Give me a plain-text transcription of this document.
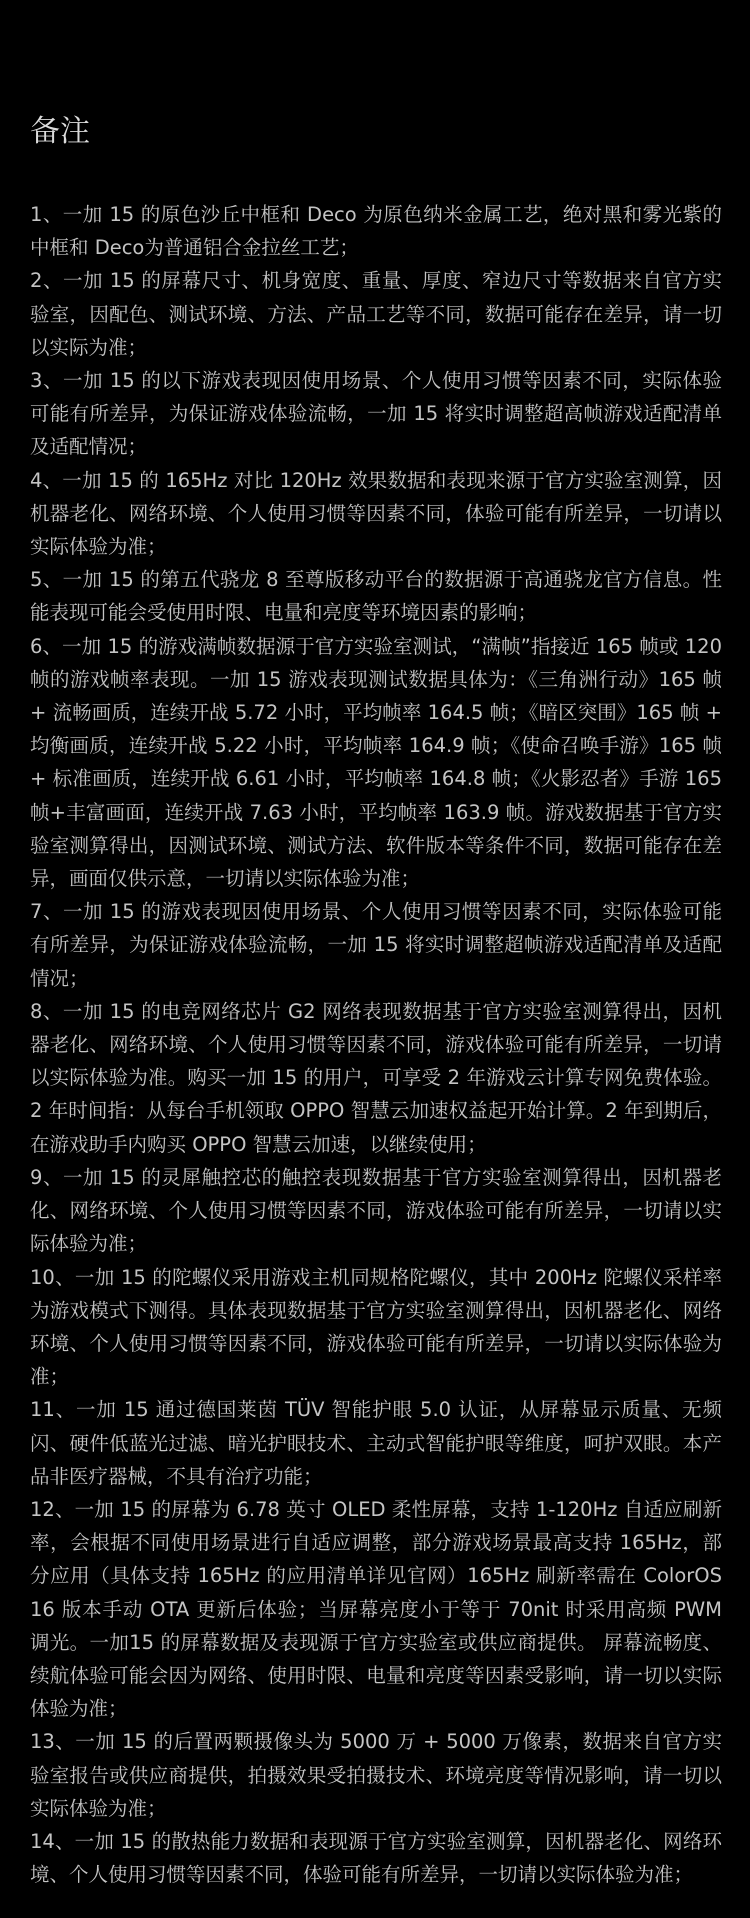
备注
1、一加 15 的原色沙丘中框和 Deco 为原色纳米金属工艺，绝对黑和雾光紫的中框和 Deco为普通铝合金拉丝工艺；
2、一加 15 的屏幕尺寸、机身宽度、重量、厚度、窄边尺寸等数据来自官方实验室，因配色、测试环境、方法、产品工艺等不同，数据可能存在差异，请一切以实际为准；
3、一加 15 的以下游戏表现因使用场景、个人使用习惯等因素不同，实际体验可能有所差异，为保证游戏体验流畅，一加 15 将实时调整超高帧游戏适配清单及适配情况；
4、一加 15 的 165Hz 对比 120Hz 效果数据和表现来源于官方实验室测算，因机器老化、网络环境、个人使用习惯等因素不同，体验可能有所差异，一切请以实际体验为准；
5、一加 15 的第五代骁龙 8 至尊版移动平台的数据源于高通骁龙官方信息。性能表现可能会受使用时限、电量和亮度等环境因素的影响；
6、一加 15 的游戏满帧数据源于官方实验室测试，“满帧”指接近 165 帧或 120 帧的游戏帧率表现。一加 15 游戏表现测试数据具体为：《三角洲行动》165 帧 + 流畅画质，连续开战 5.72 小时，平均帧率 164.5 帧；《暗区突围》165 帧 + 均衡画质，连续开战 5.22 小时，平均帧率 164.9 帧；《使命召唤手游》165 帧 + 标准画质，连续开战 6.61 小时，平均帧率 164.8 帧；《火影忍者》手游 165 帧+丰富画面，连续开战 7.63 小时，平均帧率 163.9 帧。游戏数据基于官方实验室测算得出，因测试环境、测试方法、软件版本等条件不同，数据可能存在差异，画面仅供示意，一切请以实际体验为准；
7、一加 15 的游戏表现因使用场景、个人使用习惯等因素不同，实际体验可能有所差异，为保证游戏体验流畅，一加 15 将实时调整超帧游戏适配清单及适配情况；
8、一加 15 的电竞网络芯片 G2 网络表现数据基于官方实验室测算得出，因机器老化、网络环境、个人使用习惯等因素不同，游戏体验可能有所差异，一切请以实际体验为准。购买一加 15 的用户，可享受 2 年游戏云计算专网免费体验。2 年时间指：从每台手机领取 OPPO 智慧云加速权益起开始计算。2 年到期后，在游戏助手内购买 OPPO 智慧云加速，以继续使用；
9、一加 15 的灵犀触控芯的触控表现数据基于官方实验室测算得出，因机器老化、网络环境、个人使用习惯等因素不同，游戏体验可能有所差异，一切请以实际体验为准；
10、一加 15 的陀螺仪采用游戏主机同规格陀螺仪，其中 200Hz 陀螺仪采样率为游戏模式下测得。具体表现数据基于官方实验室测算得出，因机器老化、网络环境、个人使用习惯等因素不同，游戏体验可能有所差异，一切请以实际体验为准；
11、一加 15 通过德国莱茵 TÜV 智能护眼 5.0 认证，从屏幕显示质量、无频闪、硬件低蓝光过滤、暗光护眼技术、主动式智能护眼等维度，呵护双眼。本产品非医疗器械，不具有治疗功能；
12、一加 15 的屏幕为 6.78 英寸 OLED 柔性屏幕，支持 1-120Hz 自适应刷新率，会根据不同使用场景进行自适应调整，部分游戏场景最高支持 165Hz，部分应用（具体支持 165Hz 的应用清单详见官网）165Hz 刷新率需在 ColorOS 16 版本手动 OTA 更新后体验；当屏幕亮度小于等于 70nit 时采用高频 PWM 调光。一加15 的屏幕数据及表现源于官方实验室或供应商提供。 屏幕流畅度、续航体验可能会因为网络、使用时限、电量和亮度等因素受影响，请一切以实际体验为准；
13、一加 15 的后置两颗摄像头为 5000 万 + 5000 万像素，数据来自官方实验室报告或供应商提供，拍摄效果受拍摄技术、环境亮度等情况影响，请一切以实际体验为准；
14、一加 15 的散热能力数据和表现源于官方实验室测算，因机器老化、网络环境、个人使用习惯等因素不同，体验可能有所差异，一切请以实际体验为准；
